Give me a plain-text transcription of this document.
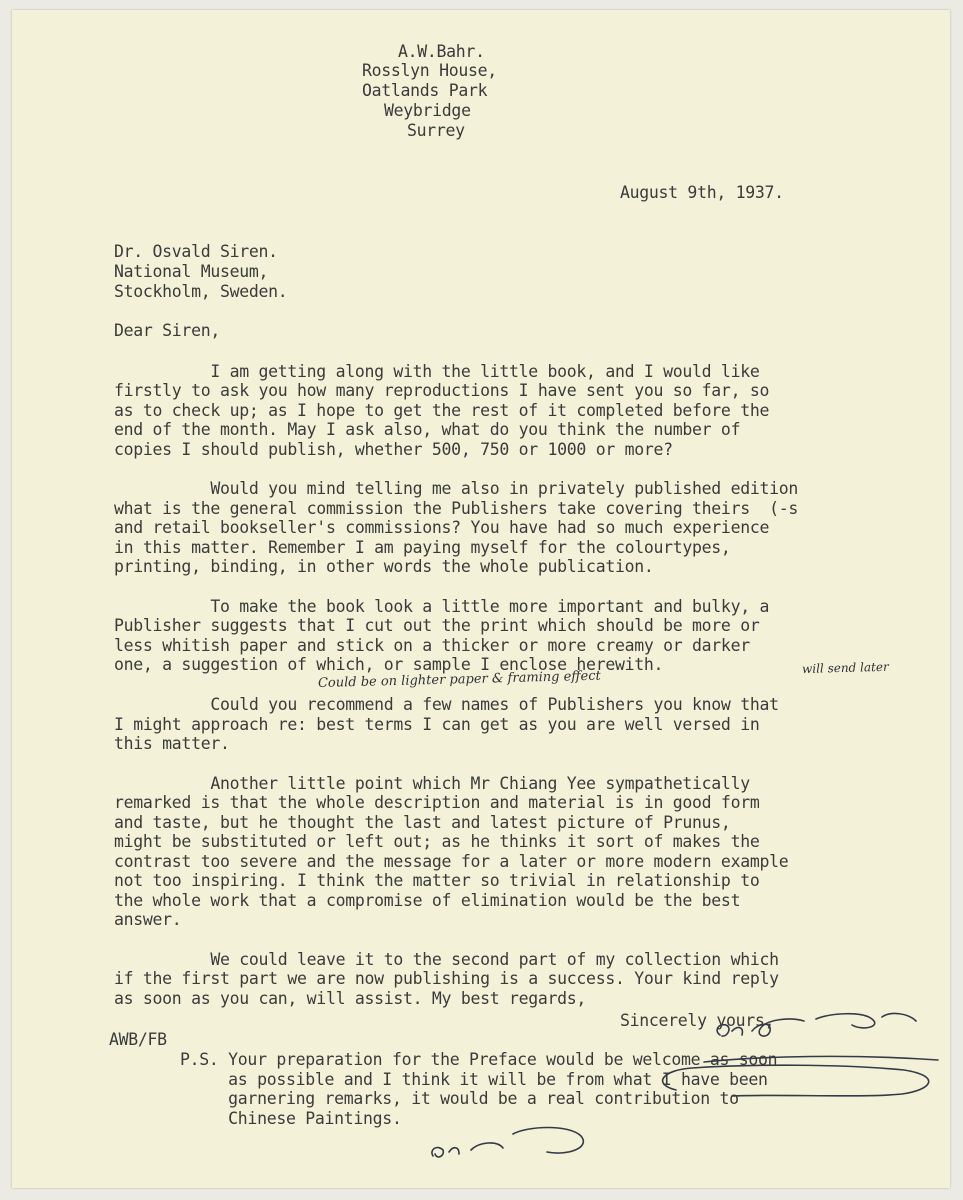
A.W.Bahr.
Rosslyn House,
Oatlands Park
Weybridge
Surrey
August 9th, 1937.
Dr. Osvald Siren.
National Museum,
Stockholm, Sweden.
Dear Siren,
I am getting along with the little book, and I would like
firstly to ask you how many reproductions I have sent you so far, so
as to check up; as I hope to get the rest of it completed before the
end of the month. May I ask also, what do you think the number of
copies I should publish, whether 500, 750 or 1000 or more?
Would you mind telling me also in privately published edition
what is the general commission the Publishers take covering theirs  (-s
and retail bookseller's commissions? You have had so much experience
in this matter. Remember I am paying myself for the colourtypes,
printing, binding, in other words the whole publication.
To make the book look a little more important and bulky, a
Publisher suggests that I cut out the print which should be more or
less whitish paper and stick on a thicker or more creamy or darker
one, a suggestion of which, or sample I enclose herewith.
Could be on lighter paper & framing effect
will send later
Could you recommend a few names of Publishers you know that
I might approach re: best terms I can get as you are well versed in
this matter.
Another little point which Mr Chiang Yee sympathetically
remarked is that the whole description and material is in good form
and taste, but he thought the last and latest picture of Prunus,
might be substituted or left out; as he thinks it sort of makes the
contrast too severe and the message for a later or more modern example
not too inspiring. I think the matter so trivial in relationship to
the whole work that a compromise of elimination would be the best
answer.
We could leave it to the second part of my collection which
if the first part we are now publishing is a success. Your kind reply
as soon as you can, will assist. My best regards,
Sincerely yours,
AWB/FB
P.S. Your preparation for the Preface would be welcome as soon
as possible and I think it will be from what I have been
garnering remarks, it would be a real contribution to
Chinese Paintings.
